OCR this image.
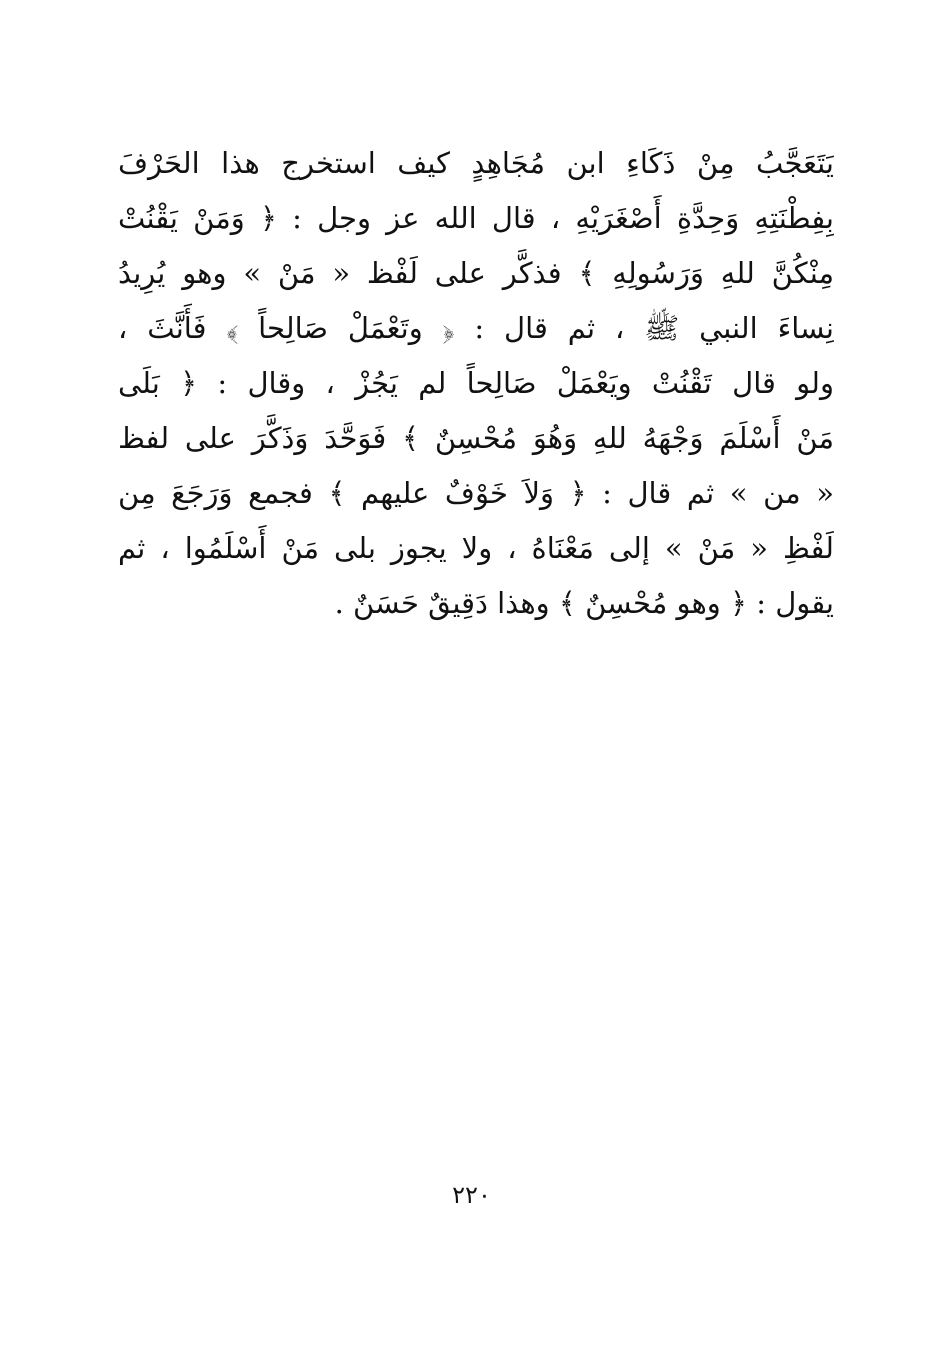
يَتَعَجَّبُ مِنْ ذَكَاءِ ابن مُجَاهِدٍ كيف استخرج هذا الحَرْفَ
بِفِطْنَتِهِ وَحِدَّةِ أَصْغَرَيْهِ ، قال الله عز وجل : ﴿ وَمَنْ يَقْنُتْ
مِنْكُنَّ للهِ وَرَسُولِهِ ﴾ فذكَّر على لَفْظ « مَنْ » وهو يُرِيدُ
نِساءَ النبي ﷺ ، ثم قال : ﴿ وتَعْمَلْ صَالِحاً ﴾ فَأَنَّثَ ،
ولو قال تَقْنُتْ ويَعْمَلْ صَالِحاً لم يَجُزْ ، وقال : ﴿ بَلَى
مَنْ أَسْلَمَ وَجْهَهُ للهِ وَهُوَ مُحْسِنٌ ﴾ فَوَحَّدَ وَذَكَّرَ على لفظ
« من » ثم قال : ﴿ وَلاَ خَوْفٌ عليهم ﴾ فجمع وَرَجَعَ مِن
لَفْظِ « مَنْ » إلى مَعْنَاهُ ، ولا يجوز بلى مَنْ أَسْلَمُوا ، ثم
يقول : ﴿ وهو مُحْسِنٌ ﴾ وهذا دَقِيقٌ حَسَنٌ .
٢٢٠
